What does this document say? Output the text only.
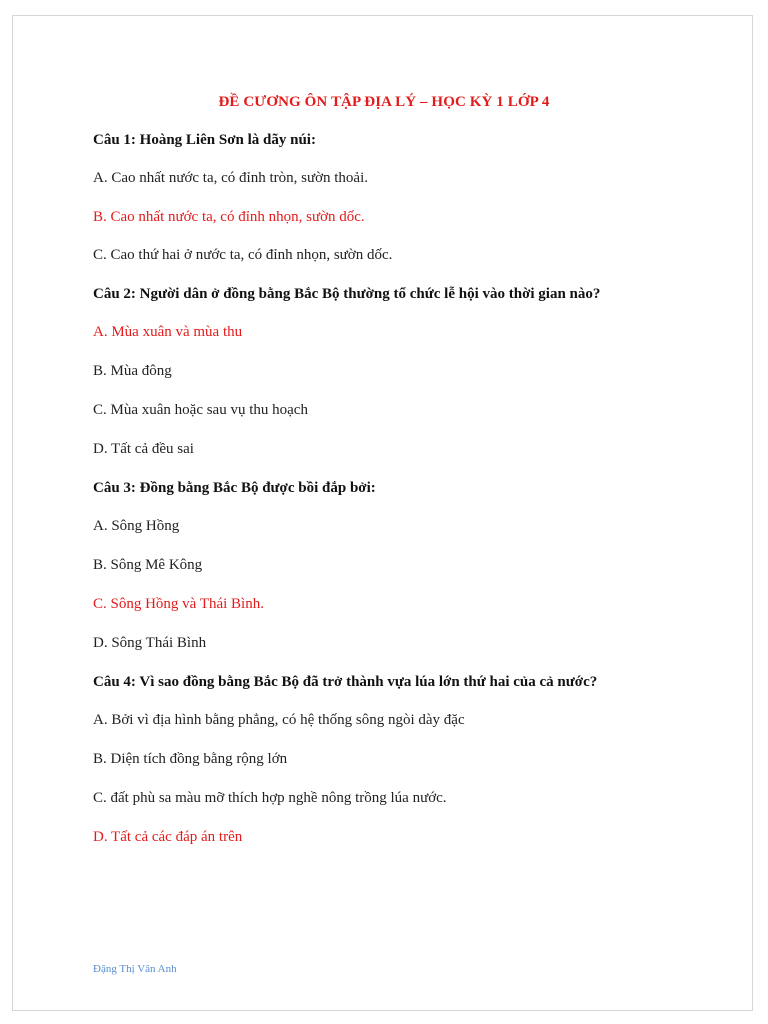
ĐỀ CƯƠNG ÔN TẬP ĐỊA LÝ – HỌC KỲ 1 LỚP 4
Câu 1: Hoàng Liên Sơn là dãy núi:
A. Cao nhất nước ta, có đỉnh tròn, sườn thoải.
B. Cao nhất nước ta, có đỉnh nhọn, sườn dốc.
C. Cao thứ hai ở nước ta, có đỉnh nhọn, sườn dốc.
Câu 2: Người dân ở đồng bằng Bắc Bộ thường tổ chức lễ hội vào thời gian nào?
A. Mùa xuân và mùa thu
B. Mùa đông
C. Mùa xuân hoặc sau vụ thu hoạch
D. Tất cả đều sai
Câu 3: Đồng bằng Bắc Bộ được bồi đắp bởi:
A. Sông Hồng
B. Sông Mê Kông
C. Sông Hồng và Thái Bình.
D. Sông Thái Bình
Câu 4: Vì sao đồng bằng Bắc Bộ đã trở thành vựa lúa lớn thứ hai của cả nước?
A. Bởi vì địa hình bằng phẳng, có hệ thống sông ngòi dày đặc
B. Diện tích đồng bằng rộng lớn
C. đất phù sa màu mỡ thích hợp nghề nông trồng lúa nước.
D. Tất cả các đáp án trên
Đặng Thị Vân Anh
